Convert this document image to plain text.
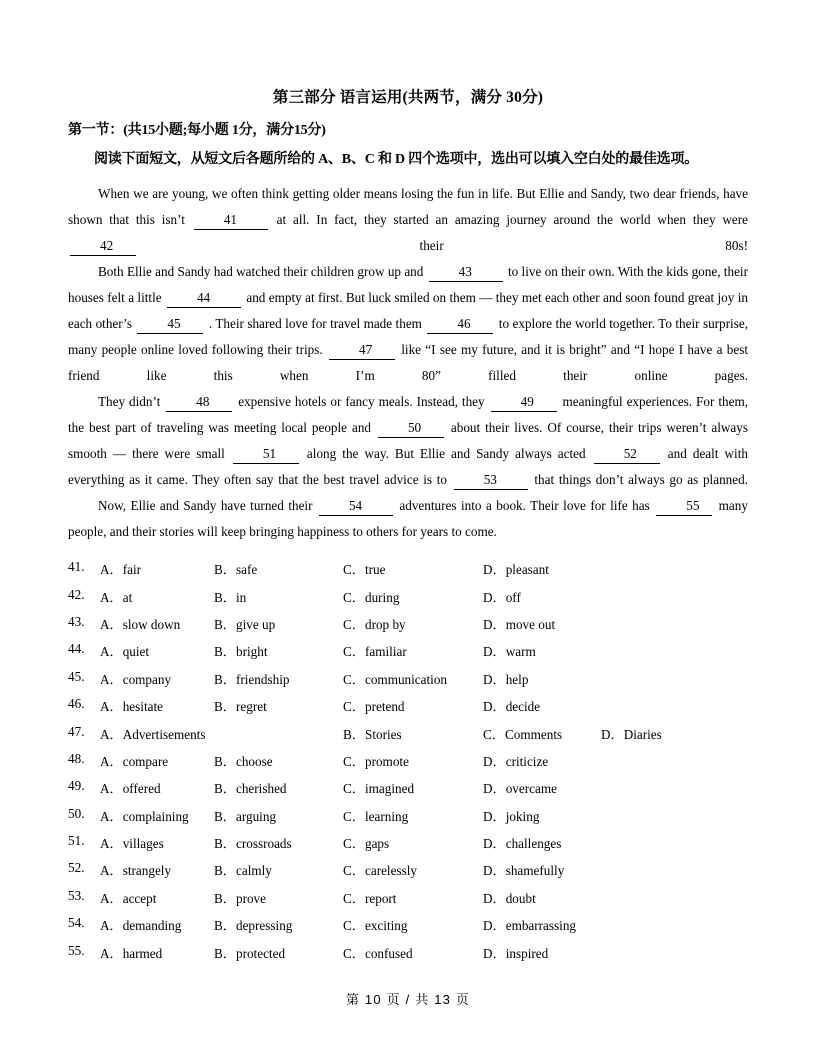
第三部分 语言运用(共两节，满分 30分)
第一节：(共15小题;每小题 1分，满分15分)
阅读下面短文，从短文后各题所给的 A、B、C 和 D 四个选项中，选出可以填入空白处的最佳选项。

When we are young, we often think getting older means losing the fun in life. But Ellie and Sandy, two dear friends, have shown that this isn’t 41 at all. In fact, they started an amazing journey around the world when they were 42 their 80s!

Both Ellie and Sandy had watched their children grow up and 43 to live on their own. With the kids gone, their houses felt a little 44 and empty at first. But luck smiled on them — they met each other and soon found great joy in each other’s 45 . Their shared love for travel made them 46 to explore the world together. To their surprise, many people online loved following their trips. 47 like “I see my future, and it is bright” and “I hope I have a best friend like this when I’m 80” filled their online pages.

They didn’t 48 expensive hotels or fancy meals. Instead, they 49 meaningful experiences. For them, the best part of traveling was meeting local people and 50 about their lives. Of course, their trips weren’t always smooth — there were small 51 along the way. But Ellie and Sandy always acted 52 and dealt with everything as it came. They often say that the best travel advice is to 53 that things don’t always go as planned.

Now, Ellie and Sandy have turned their 54 adventures into a book. Their love for life has 55 many people, and their stories will keep bringing happiness to others for years to come.

41.	A．fair	B．safe	C．true	D．pleasant
42.	A．at	B．in	C．during	D．off
43.	A．slow down	B．give up	C．drop by	D．move out
44.	A．quiet	B．bright	C．familiar	D．warm
45.	A．company	B．friendship	C．communication	D．help
46.	A．hesitate	B．regret	C．pretend	D．decide
47.	A．Advertisements	B．Stories	C．Comments	D．Diaries
48.	A．compare	B．choose	C．promote	D．criticize
49.	A．offered	B．cherished	C．imagined	D．overcame
50.	A．complaining B．arguing	C．learning	D．joking
51.	A．villages	B．crossroads	C．gaps	D．challenges
52.	A．strangely	B．calmly	C．carelessly	D．shamefully
53.	A．accept	B．prove	C．report	D．doubt
54.	A．demanding B．depressing	C．exciting	D．embarrassing
55.	A．harmed	B．protected	C．confused	D．inspired
第 10 页 / 共 13 页
